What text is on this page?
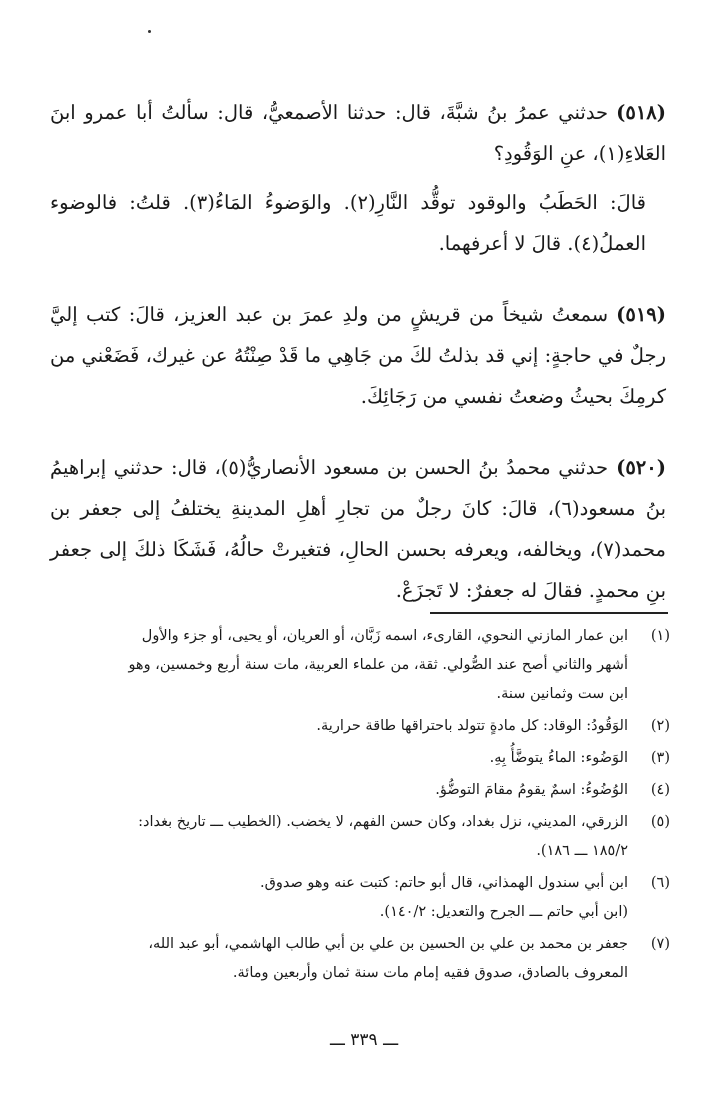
(٥١٨)حدثني عمرُ بنُ شبَّةَ، قال: حدثنا الأصمعيُّ، قال: سألتُ أبا عمرو ابنَ العَلاءِ(١)، عنِ الوَقُودِ؟
قالَ: الحَطَبُ والوقود توقُّد النَّارِ(٢). والوَضوءُ المَاءُ(٣). قلتُ: فالوضوء العملُ(٤). قالَ لا أعرفهما.
(٥١٩)سمعتُ شيخاً من قريشٍ من ولدِ عمرَ بن عبد العزيز، قالَ: كتب إليَّ رجلٌ في حاجةٍ: إني قد بذلتُ لكَ من جَاهِي ما قَدْ صِنْتُهُ عن غيرك، فَضَعْني من كرمِكَ بحيثُ وضعتُ نفسي من رَجَائِكَ.
(٥٢٠)حدثني محمدُ بنُ الحسن بن مسعود الأنصاريُّ(٥)، قال: حدثني إبراهيمُ بنُ مسعود(٦)، قالَ: كانَ رجلٌ من تجارِ أهلِ المدينةِ يختلفُ إلى جعفر بن محمد(٧)، ويخالفه، ويعرفه بحسن الحالِ، فتغيرتْ حالُهُ، فَشَكَا ذلكَ إلى جعفر بنِ محمدٍ. فقالَ له جعفرٌ: لا تَجزَعْ.
(١)
ابن عمار المازني النحوي، القارىء، اسمه زَبَّان، أو العريان، أو يحيى، أو جزء والأول
أشهر والثاني أصح عند الصُّولي. ثقة، من علماء العربية، مات سنة أربع وخمسين، وهو
ابن ست وثمانين سنة.
(٢)
الوَقُودُ: الوقاد: كل مادةٍ تتولد باحتراقها طاقة حرارية.
(٣)
الوَضُوء: الماءُ يتوضَّأُ بِهِ.
(٤)
الوُضُوءُ: اسمٌ يقومُ مقامَ التوضُّؤ.
(٥)
الزرقي، المديني، نزل بغداد، وكان حسن الفهم، لا يخضب. (الخطيب ـــ تاريخ بغداد:
١٨٥/٢ ـــ ١٨٦).
(٦)
ابن أبي سندول الهمذاني، قال أبو حاتم: كتبت عنه وهو صدوق.
(ابن أبي حاتم ـــ الجرح والتعديل: ١٤٠/٢).
(٧)
جعفر بن محمد بن علي بن الحسين بن علي بن أبي طالب الهاشمي، أبو عبد الله،
المعروف بالصادق، صدوق فقيه إمام مات سنة ثمان وأربعين ومائة.
ـــ ٣٣٩ ـــ
